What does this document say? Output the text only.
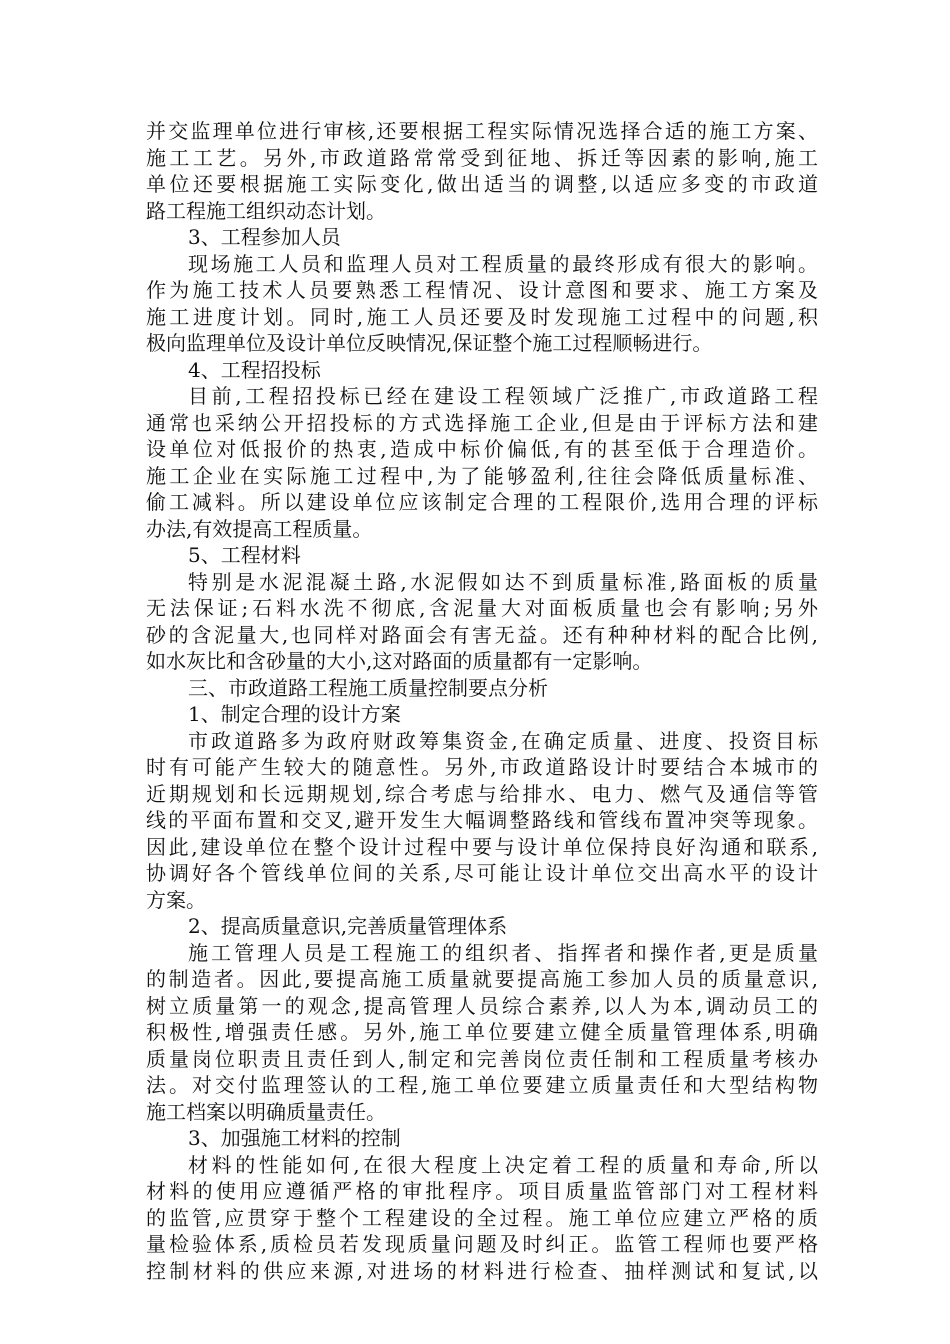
并交监理单位进行审核,还要根据工程实际情况选择合适的施工方案、
施工工艺。另外,市政道路常常受到征地、拆迁等因素的影响,施工
单位还要根据施工实际变化,做出适当的调整,以适应多变的市政道
路工程施工组织动态计划。
3、工程参加人员
现场施工人员和监理人员对工程质量的最终形成有很大的影响。
作为施工技术人员要熟悉工程情况、设计意图和要求、施工方案及
施工进度计划。同时,施工人员还要及时发现施工过程中的问题,积
极向监理单位及设计单位反映情况,保证整个施工过程顺畅进行。
4、工程招投标
目前,工程招投标已经在建设工程领域广泛推广,市政道路工程
通常也采纳公开招投标的方式选择施工企业,但是由于评标方法和建
设单位对低报价的热衷,造成中标价偏低,有的甚至低于合理造价。
施工企业在实际施工过程中,为了能够盈利,往往会降低质量标准、
偷工减料。所以建设单位应该制定合理的工程限价,选用合理的评标
办法,有效提高工程质量。
5、工程材料
特别是水泥混凝土路,水泥假如达不到质量标准,路面板的质量
无法保证;石料水洗不彻底,含泥量大对面板质量也会有影响;另外
砂的含泥量大,也同样对路面会有害无益。还有种种材料的配合比例,
如水灰比和含砂量的大小,这对路面的质量都有一定影响。
三、市政道路工程施工质量控制要点分析
1、制定合理的设计方案
市政道路多为政府财政筹集资金,在确定质量、进度、投资目标
时有可能产生较大的随意性。另外,市政道路设计时要结合本城市的
近期规划和长远期规划,综合考虑与给排水、电力、燃气及通信等管
线的平面布置和交叉,避开发生大幅调整路线和管线布置冲突等现象。
因此,建设单位在整个设计过程中要与设计单位保持良好沟通和联系,
协调好各个管线单位间的关系,尽可能让设计单位交出高水平的设计
方案。
2、提高质量意识,完善质量管理体系
施工管理人员是工程施工的组织者、指挥者和操作者,更是质量
的制造者。因此,要提高施工质量就要提高施工参加人员的质量意识,
树立质量第一的观念,提高管理人员综合素养,以人为本,调动员工的
积极性,增强责任感。另外,施工单位要建立健全质量管理体系,明确
质量岗位职责且责任到人,制定和完善岗位责任制和工程质量考核办
法。对交付监理签认的工程,施工单位要建立质量责任和大型结构物
施工档案以明确质量责任。
3、加强施工材料的控制
材料的性能如何,在很大程度上决定着工程的质量和寿命,所以
材料的使用应遵循严格的审批程序。项目质量监管部门对工程材料
的监管,应贯穿于整个工程建设的全过程。施工单位应建立严格的质
量检验体系,质检员若发现质量问题及时纠正。监管工程师也要严格
控制材料的供应来源,对进场的材料进行检查、抽样测试和复试,以
